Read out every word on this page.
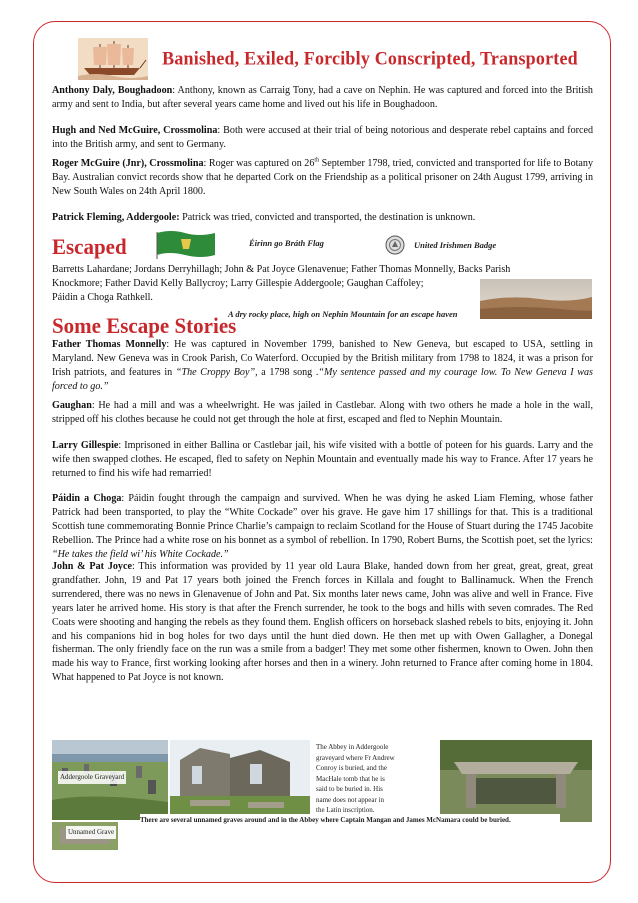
Banished, Exiled, Forcibly Conscripted, Transported

Anthony Daly, Boughadoon: Anthony, known as Carraig Tony, had a cave on Nephin. He was captured and forced into the British army and sent to India, but after several years came home and lived out his life in Boughadoon.

Hugh and Ned McGuire, Crossmolina: Both were accused at their trial of being notorious and desperate rebel captains and forced into the British army, and sent to Germany.

Roger McGuire (Jnr), Crossmolina: Roger was captured on 26th September 1798, tried, convicted and transported for life to Botany Bay. Australian convict records show that he departed Cork on the Friendship as a political prisoner on 24th August 1799, arriving in New South Wales on 24th April 1800.

Patrick Fleming, Addergoole: Patrick was tried, convicted and transported, the destination is unknown.

Escaped	Éirinn go Bráth Flag	United Irishmen Badge

Barretts Lahardane; Jordans Derryhillagh; John & Pat Joyce Glenavenue; Father Thomas Monnelly, Backs Parish

Knockmore; Father David Kelly Ballycroy; Larry Gillespie Addergoole; Gaughan Caffoley;

Páidin a Choga Rathkell.

Some Escape Stories
A dry rocky place, high on Nephin Mountain for an escape haven

Father Thomas Monnelly: He was captured in November 1799, banished to New Geneva, but escaped to USA, settling in Maryland. New Geneva was in Crook Parish, Co Waterford. Occupied by the British military from 1798 to 1824, it was a prison for Irish patriots, and features in “The Croppy Boy”, a 1798 song .“My sentence passed and my courage low. To New Geneva I was forced to go.”

Gaughan: He had a mill and was a wheelwright. He was jailed in Castlebar. Along with two others he made a hole in the wall, stripped off his clothes because he could not get through the hole at first, escaped and fled to Nephin Mountain.

Larry Gillespie: Imprisoned in either Ballina or Castlebar jail, his wife visited with a bottle of poteen for his guards. Larry and the wife then swapped clothes. He escaped, fled to safety on Nephin Mountain and eventually made his way to France. After 17 years he returned to find his wife had remarried!

Páidin a Choga: Páidin fought through the campaign and survived. When he was dying he asked Liam Fleming, whose father Patrick had been transported, to play the “White Cockade” over his grave. He gave him 17 shillings for that. This is a traditional Scottish tune commemorating Bonnie Prince Charlie’s campaign to reclaim Scotland for the House of Stuart during the 1745 Jacobite Rebellion. The Prince had a white rose on his bonnet as a symbol of rebellion. In 1790, Robert Burns, the Scottish poet, set the lyrics: “He takes the field wi’ his White Cockade.”

John & Pat Joyce: This information was provided by 11 year old Laura Blake, handed down from her great, great, great, great grandfather. John, 19 and Pat 17 years both joined the French forces in Killala and fought to Ballinamuck. When the French surrendered, there was no news in Glenavenue of John and Pat. Six months later news came, John was alive and well in France. Five years later he arrived home. His story is that after the French surrender, he took to the bogs and hills with seven comrades. The Red Coats were shooting and hanging the rebels as they found them. English officers on horseback slashed rebels to bits, enjoying it. John and his companions hid in bog holes for two days until the hunt died down. He then met up with Owen Gallagher, a Donegal fisherman. The only friendly face on the run was a smile from a badger! They met some other fishermen, known to Owen. John then made his way to France, first working looking after horses and then in a winery. John returned to France after coming home in 1804. What happened to Pat Joyce is not known.

Addergoole Graveyard
Unnamed Grave
There are several unnamed graves around and in the Abbey where Captain Mangan and James McNamara could be buried.
The Abbey in Addergoole
graveyard where Fr Andrew
Conroy is buried, and the
MacHale tomb that he is
said to be buried in. His
name does not appear in
the Latin inscription.
